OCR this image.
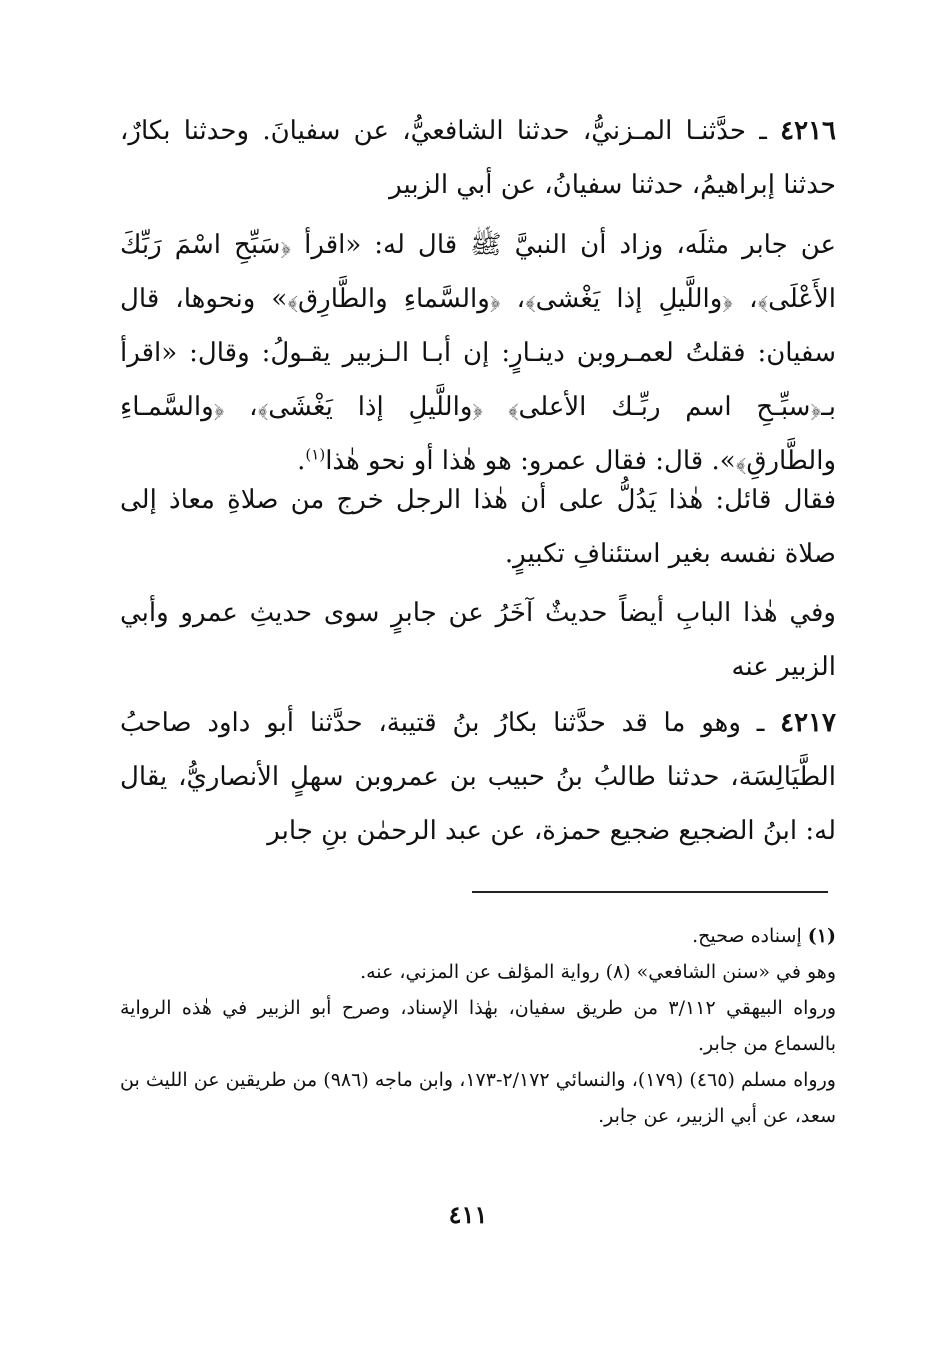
٤٢١٦ ـ حدَّثنـا المـزنيُّ، حدثنا الشافعيُّ، عن سفيانَ. وحدثنا بكارٌ، حدثنا إبراهيمُ، حدثنا سفيانُ، عن أبي الزبير

عن جابر مثلَه، وزاد أن النبيَّ ﷺ قال له: «اقرأ ﴿سَبِّحِ اسْمَ رَبِّكَ الأَعْلَى﴾، ﴿واللَّيلِ إذا يَغْشى﴾، ﴿والسَّماءِ والطَّارِق﴾» ونحوها، قال سفيان: فقلتُ لعمـروبن دينـارٍ: إن أبـا الـزبير يقـولُ: وقال: «اقرأ بـ﴿سبِّـحِ اسم ربِّـك الأعلى﴾ ﴿واللَّيلِ إذا يَغْشَى﴾، ﴿والسَّمـاءِ والطَّارقِ﴾». قال: فقال عمرو: هو هٰذا أو نحو هٰذا$^{(١)}$.

فقال قائل: هٰذا يَدُلُّ على أن هٰذا الرجل خرج من صلاةِ معاذ إلى صلاة نفسه بغير استئنافِ تكبيرٍ.

وفي هٰذا البابِ أيضاً حديثٌ آخَرُ عن جابرٍ سوى حديثِ عمرو وأبي الزبير عنه

٤٢١٧ ـ وهو ما قد حدَّثنا بكارُ بنُ قتيبة، حدَّثنا أبو داود صاحبُ الطَّيَالِسَة، حدثنا طالبُ بنُ حبيب بن عمروبن سهلٍ الأنصاريُّ، يقال له: ابنُ الضجيع ضجيع حمزة، عن عبد الرحمٰن بنِ جابر

(١) إسناده صحيح.

وهو في «سنن الشافعي» (٨) رواية المؤلف عن المزني، عنه.

ورواه البيهقي ٣/١١٢ من طريق سفيان، بهٰذا الإسناد، وصرح أبو الزبير في هٰذه الرواية بالسماع من جابر.

ورواه مسلم (٤٦٥) (١٧٩)، والنسائي ٢/١٧٢-١٧٣، وابن ماجه (٩٨٦) من طريقين عن الليث بن سعد، عن أبي الزبير، عن جابر.

٤١١
